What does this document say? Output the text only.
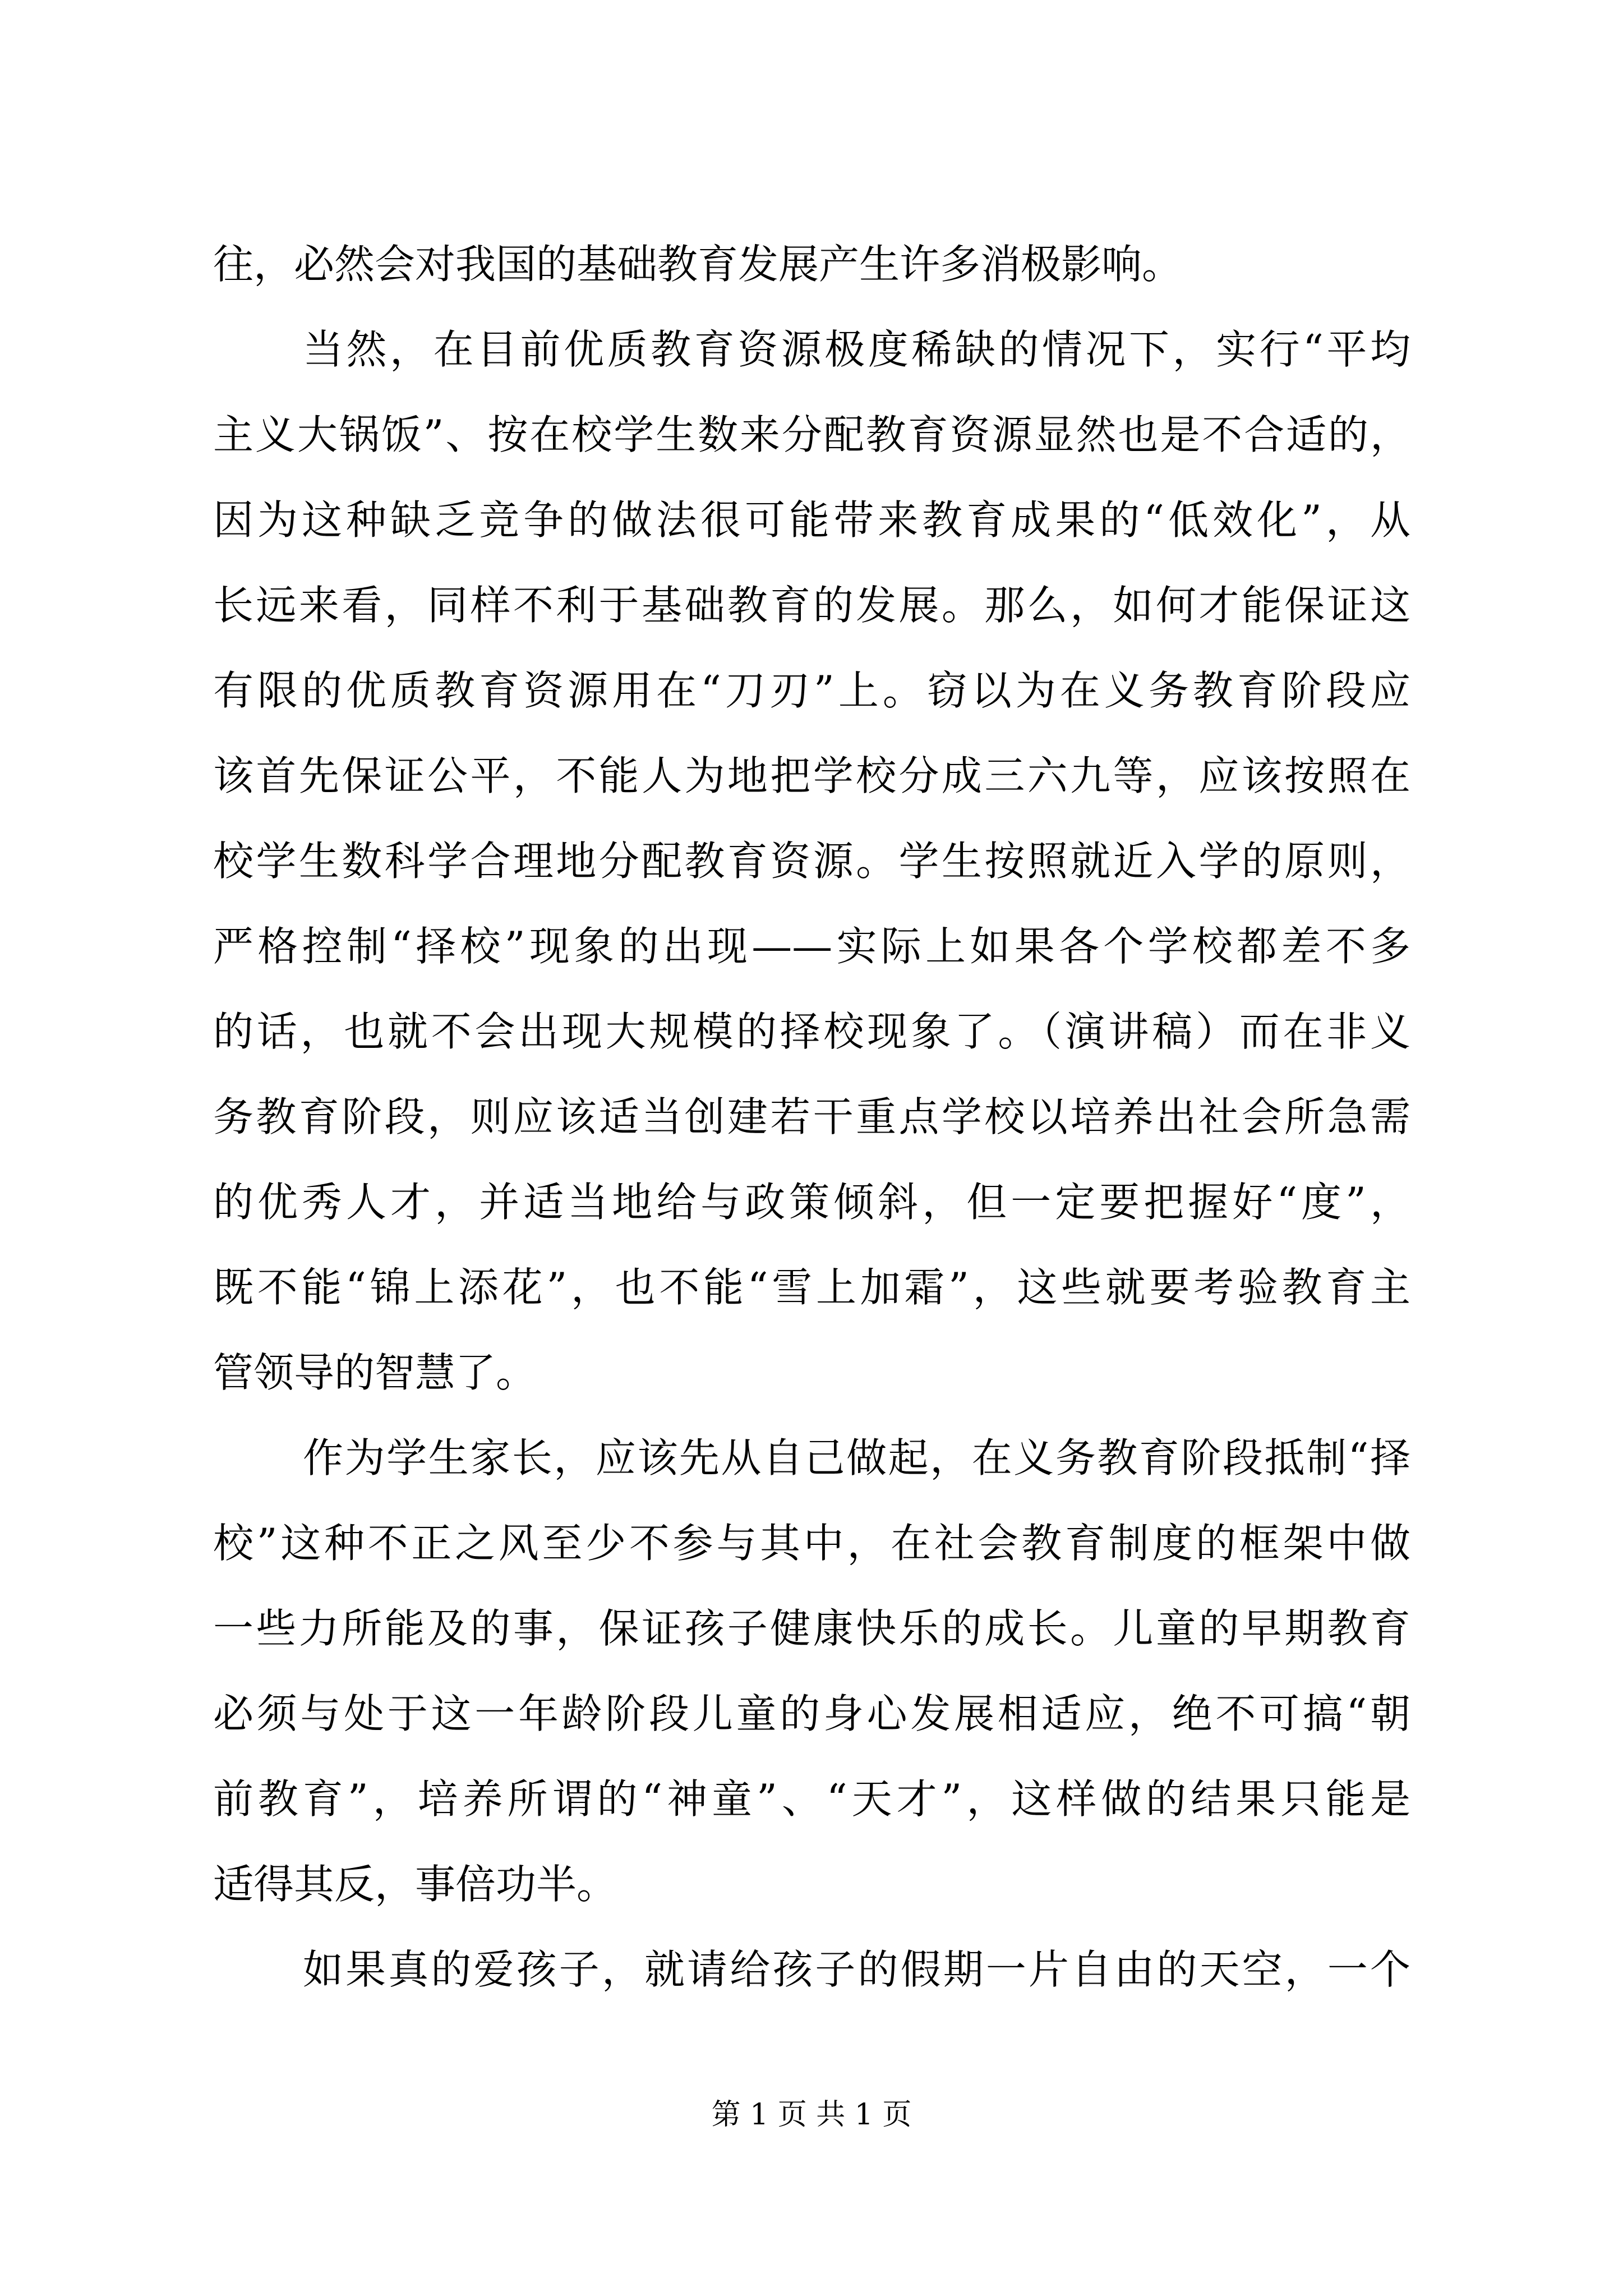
往，必然会对我国的基础教育发展产生许多消极影响。
当然，在目前优质教育资源极度稀缺的情况下，实行“平均
主义大锅饭”、按在校学生数来分配教育资源显然也是不合适的，
因为这种缺乏竞争的做法很可能带来教育成果的“低效化”，从
长远来看，同样不利于基础教育的发展。那么，如何才能保证这
有限的优质教育资源用在“刀刃”上。窃以为在义务教育阶段应
该首先保证公平，不能人为地把学校分成三六九等，应该按照在
校学生数科学合理地分配教育资源。学生按照就近入学的原则，
严格控制“择校”现象的出现——实际上如果各个学校都差不多
的话，也就不会出现大规模的择校现象了。（演讲稿）而在非义
务教育阶段，则应该适当创建若干重点学校以培养出社会所急需
的优秀人才，并适当地给与政策倾斜，但一定要把握好“度”，
既不能“锦上添花”，也不能“雪上加霜”，这些就要考验教育主
管领导的智慧了。
作为学生家长，应该先从自己做起，在义务教育阶段抵制“择
校”这种不正之风至少不参与其中，在社会教育制度的框架中做
一些力所能及的事，保证孩子健康快乐的成长。儿童的早期教育
必须与处于这一年龄阶段儿童的身心发展相适应，绝不可搞“朝
前教育”，培养所谓的“神童”、“天才”，这样做的结果只能是
适得其反，事倍功半。
如果真的爱孩子，就请给孩子的假期一片自由的天空，一个
第 1 页 共 1 页
